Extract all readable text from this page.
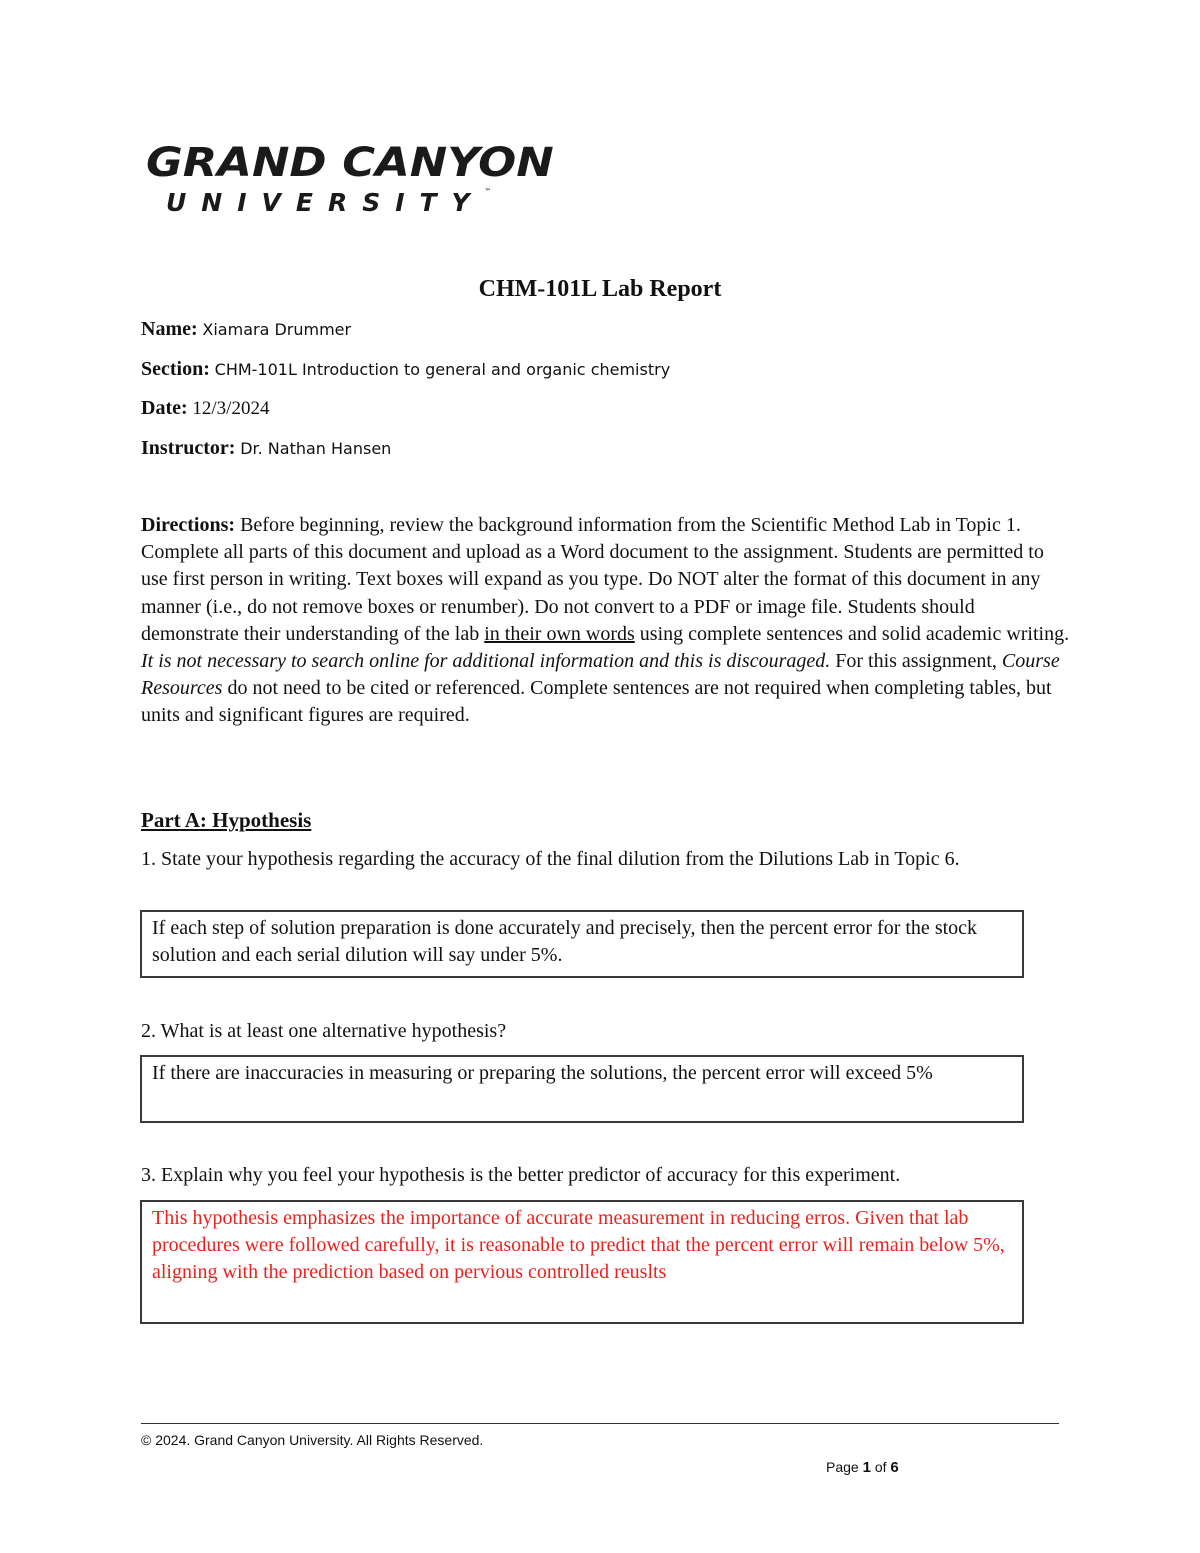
GRAND CANYON
UNIVERSITY™
CHM-101L Lab Report
Name: Xiamara Drummer
Section: CHM-101L Introduction to general and organic chemistry
Date: 12/3/2024
Instructor: Dr. Nathan Hansen
Directions: Before beginning, review the background information from the Scientific Method Lab in Topic 1. Complete all parts of this document and upload as a Word document to the assignment. Students are permitted to use first person in writing. Text boxes will expand as you type. Do NOT alter the format of this document in any manner (i.e., do not remove boxes or renumber). Do not convert to a PDF or image file. Students should demonstrate their understanding of the lab in their own words using complete sentences and solid academic writing. It is not necessary to search online for additional information and this is discouraged. For this assignment, Course Resources do not need to be cited or referenced. Complete sentences are not required when completing tables, but units and significant figures are required.
Part A: Hypothesis
1. State your hypothesis regarding the accuracy of the final dilution from the Dilutions Lab in Topic 6.
If each step of solution preparation is done accurately and precisely, then the percent error for the stock solution and each serial dilution will say under 5%.
2. What is at least one alternative hypothesis?
If there are inaccuracies in measuring or preparing the solutions, the percent error will exceed 5%
3. Explain why you feel your hypothesis is the better predictor of accuracy for this experiment.
This hypothesis emphasizes the importance of accurate measurement in reducing erros. Given that lab procedures were followed carefully, it is reasonable to predict that the percent error will remain below 5%, aligning with the prediction based on pervious controlled reuslts
© 2024. Grand Canyon University. All Rights Reserved.
Page 1 of 6
